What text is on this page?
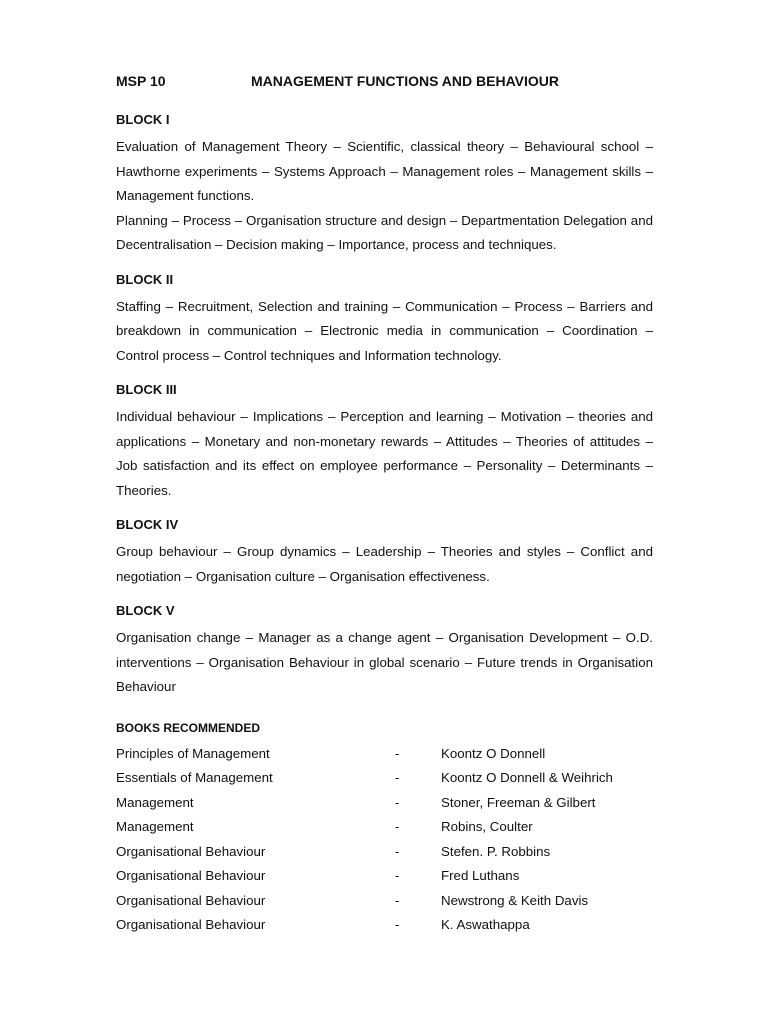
MSP 10	MANAGEMENT FUNCTIONS AND BEHAVIOUR
BLOCK I
Evaluation of Management Theory – Scientific, classical theory – Behavioural school – Hawthorne experiments – Systems Approach – Management roles – Management skills – Management functions.
Planning – Process – Organisation structure and design – Departmentation Delegation and Decentralisation – Decision making – Importance, process and techniques.
BLOCK II
Staffing – Recruitment, Selection and training – Communication – Process – Barriers and breakdown in communication – Electronic media in communication – Coordination – Control process – Control techniques and Information technology.
BLOCK III
Individual behaviour – Implications – Perception and learning – Motivation – theories and applications – Monetary and non-monetary rewards – Attitudes – Theories of attitudes – Job satisfaction and its effect on employee performance – Personality – Determinants – Theories.
BLOCK IV
Group behaviour – Group dynamics – Leadership – Theories and styles – Conflict and negotiation – Organisation culture – Organisation effectiveness.
BLOCK V
Organisation change – Manager as a change agent – Organisation Development – O.D. interventions – Organisation Behaviour in global scenario – Future trends in Organisation Behaviour
BOOKS RECOMMENDED
Principles of Management	-	Koontz O Donnell
Essentials of Management	-	Koontz O Donnell & Weihrich
Management	-	Stoner, Freeman & Gilbert
Management	-	Robins, Coulter
Organisational Behaviour	-	Stefen. P. Robbins
Organisational Behaviour	-	Fred Luthans
Organisational Behaviour	-	Newstrong & Keith Davis
Organisational Behaviour	-	K. Aswathappa
